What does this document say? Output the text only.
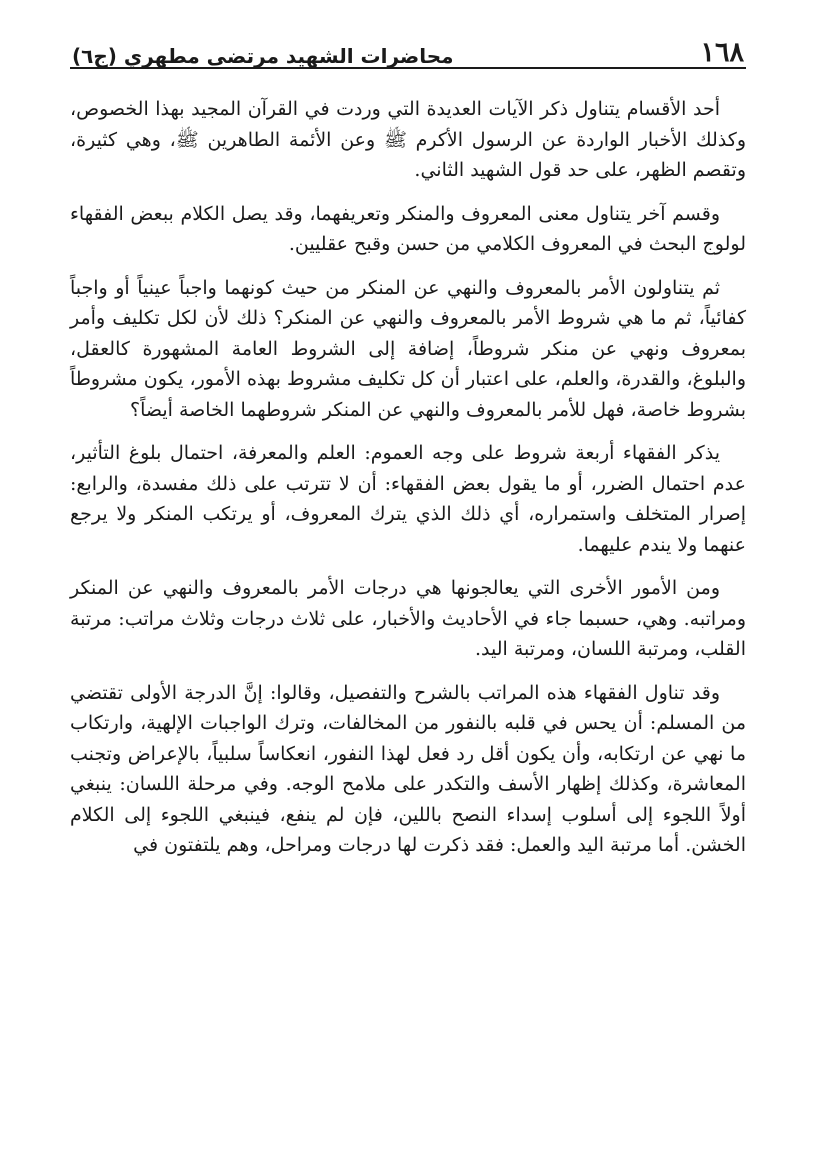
١٦٨
محاضرات الشهيد مرتضى مطهري (ج٦)

أحد الأقسام يتناول ذكر الآيات العديدة التي وردت في القرآن المجيد بهذا الخصوص، وكذلك الأخبار الواردة عن الرسول الأكرم ﷺ وعن الأئمة الطاهرين ﷺ، وهي كثيرة، وتقصم الظهر، على حد قول الشهيد الثاني.

وقسم آخر يتناول معنى المعروف والمنكر وتعريفهما، وقد يصل الكلام ببعض الفقهاء لولوج البحث في المعروف الكلامي من حسن وقبح عقليين.

ثم يتناولون الأمر بالمعروف والنهي عن المنكر من حيث كونهما واجباً عينياً أو واجباً كفائياً، ثم ما هي شروط الأمر بالمعروف والنهي عن المنكر؟ ذلك لأن لكل تكليف وأمر بمعروف ونهي عن منكر شروطاً، إضافة إلى الشروط العامة المشهورة كالعقل، والبلوغ، والقدرة، والعلم، على اعتبار أن كل تكليف مشروط بهذه الأمور، يكون مشروطاً بشروط خاصة، فهل للأمر بالمعروف والنهي عن المنكر شروطهما الخاصة أيضاً؟

يذكر الفقهاء أربعة شروط على وجه العموم: العلم والمعرفة، احتمال بلوغ التأثير، عدم احتمال الضرر، أو ما يقول بعض الفقهاء: أن لا تترتب على ذلك مفسدة، والرابع: إصرار المتخلف واستمراره، أي ذلك الذي يترك المعروف، أو يرتكب المنكر ولا يرجع عنهما ولا يندم عليهما.

ومن الأمور الأخرى التي يعالجونها هي درجات الأمر بالمعروف والنهي عن المنكر ومراتبه. وهي، حسبما جاء في الأحاديث والأخبار، على ثلاث درجات وثلاث مراتب: مرتبة القلب، ومرتبة اللسان، ومرتبة اليد.

وقد تناول الفقهاء هذه المراتب بالشرح والتفصيل، وقالوا: إنَّ الدرجة الأولى تقتضي من المسلم: أن يحس في قلبه بالنفور من المخالفات، وترك الواجبات الإلهية، وارتكاب ما نهي عن ارتكابه، وأن يكون أقل رد فعل لهذا النفور، انعكاساً سلبياً، بالإعراض وتجنب المعاشرة، وكذلك إظهار الأسف والتكدر على ملامح الوجه. وفي مرحلة اللسان: ينبغي أولاً اللجوء إلى أسلوب إسداء النصح باللين، فإن لم ينفع، فينبغي اللجوء إلى الكلام الخشن. أما مرتبة اليد والعمل: فقد ذكرت لها درجات ومراحل، وهم يلتفتون في
